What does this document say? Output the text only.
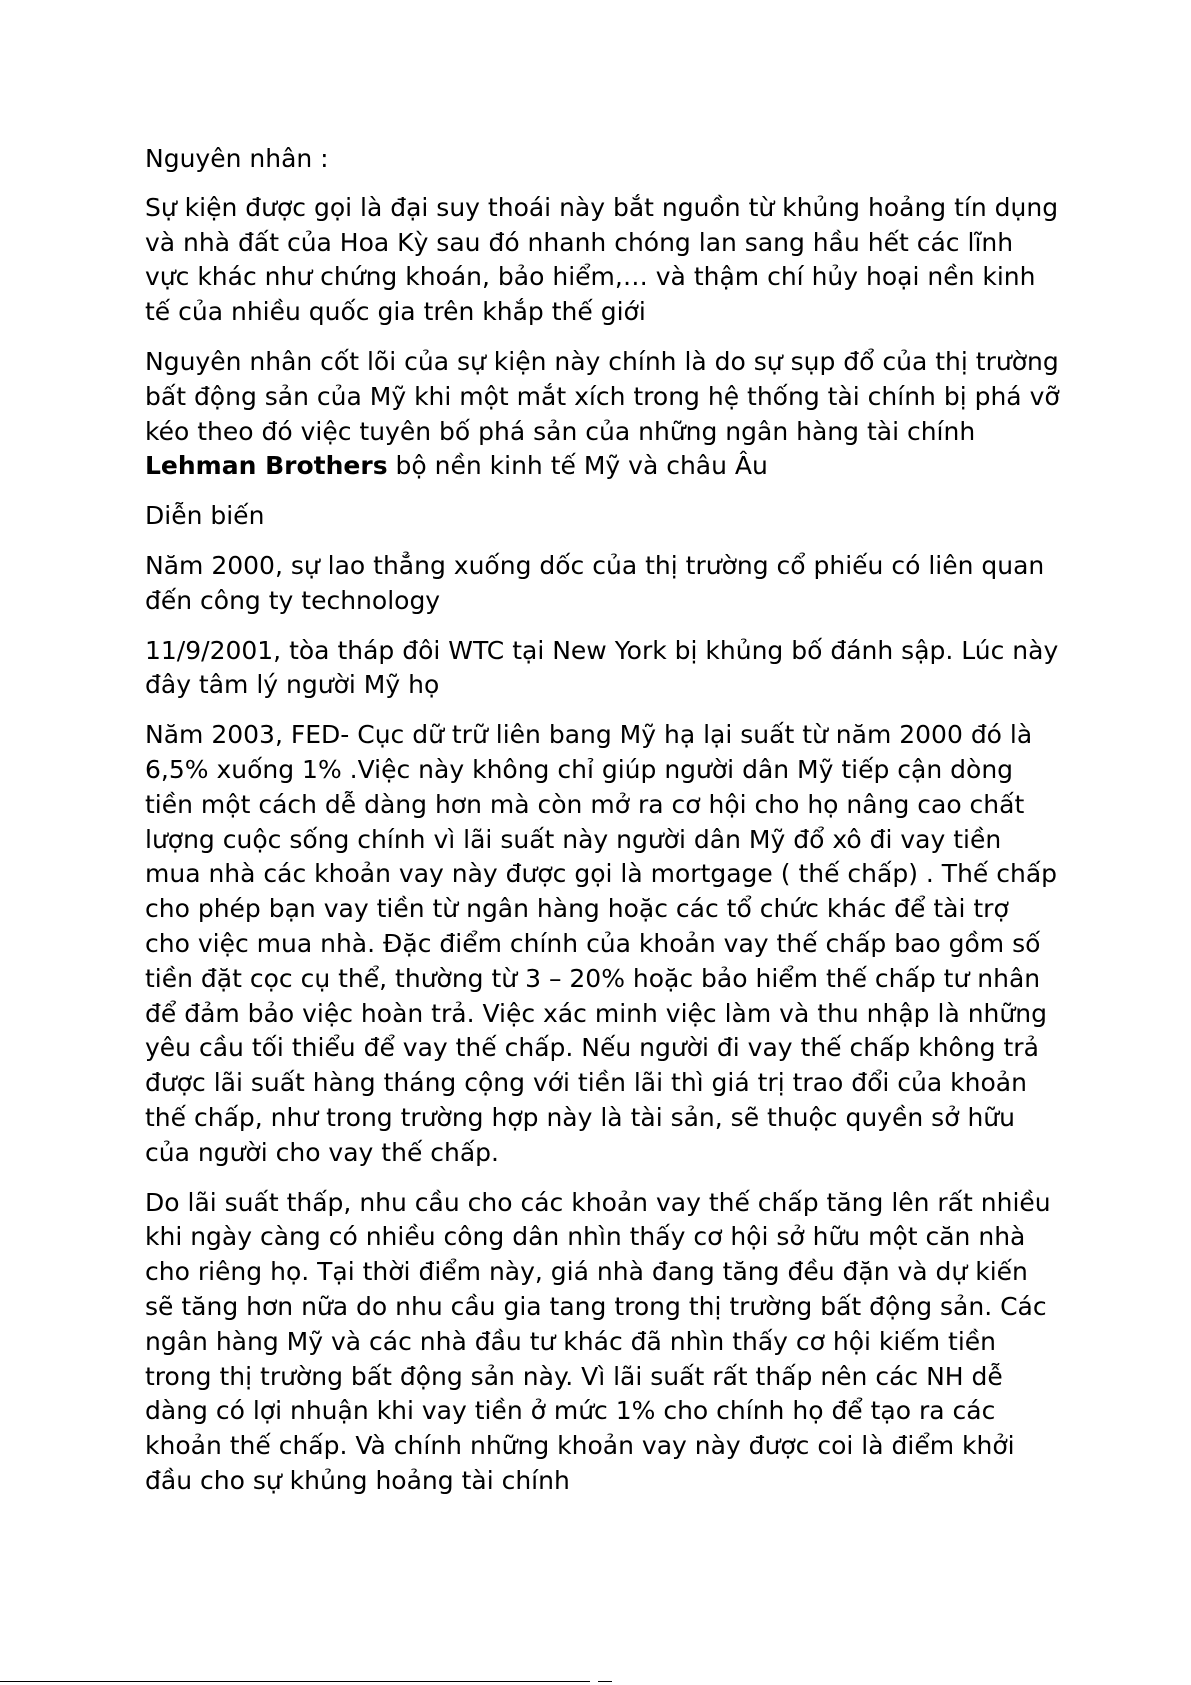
Nguyên nhân :

Sự kiện được gọi là đại suy thoái này bắt nguồn từ khủng hoảng tín dụng và nhà đất của Hoa Kỳ sau đó nhanh chóng lan sang hầu hết các lĩnh vực khác như chứng khoán, bảo hiểm,… và thậm chí hủy hoại nền kinh tế của nhiều quốc gia trên khắp thế giới

Nguyên nhân cốt lõi của sự kiện này chính là do sự sụp đổ của thị trường bất động sản của Mỹ khi một mắt xích trong hệ thống tài chính bị phá vỡ kéo theo đó việc tuyên bố phá sản của những ngân hàng tài chính Lehman Brothers bộ nền kinh tế Mỹ và châu Âu

Diễn biến

Năm 2000, sự lao thẳng xuống dốc của thị trường cổ phiếu có liên quan đến công ty technology

11/9/2001, tòa tháp đôi WTC tại New York bị khủng bố đánh sập. Lúc này đây tâm lý người Mỹ họ

Năm 2003, FED- Cục dữ trữ liên bang Mỹ hạ lại suất từ năm 2000 đó là 6,5% xuống 1% .Việc này không chỉ giúp người dân Mỹ tiếp cận dòng tiền một cách dễ dàng hơn mà còn mở ra cơ hội cho họ nâng cao chất lượng cuộc sống chính vì lãi suất này người dân Mỹ đổ xô đi vay tiền mua nhà các khoản vay này được gọi là mortgage ( thế chấp) . Thế chấp cho phép bạn vay tiền từ ngân hàng hoặc các tổ chức khác để tài trợ cho việc mua nhà. Đặc điểm chính của khoản vay thế chấp bao gồm số tiền đặt cọc cụ thể, thường từ 3 – 20% hoặc bảo hiểm thế chấp tư nhân để đảm bảo việc hoàn trả. Việc xác minh việc làm và thu nhập là những yêu cầu tối thiểu để vay thế chấp. Nếu người đi vay thế chấp không trả được lãi suất hàng tháng cộng với tiền lãi thì giá trị trao đổi của khoản thế chấp, như trong trường hợp này là tài sản, sẽ thuộc quyền sở hữu của người cho vay thế chấp.

Do lãi suất thấp, nhu cầu cho các khoản vay thế chấp tăng lên rất nhiều khi ngày càng có nhiều công dân nhìn thấy cơ hội sở hữu một căn nhà cho riêng họ. Tại thời điểm này, giá nhà đang tăng đều đặn và dự kiến sẽ tăng hơn nữa do nhu cầu gia tang trong thị trường bất động sản. Các ngân hàng Mỹ và các nhà đầu tư khác đã nhìn thấy cơ hội kiếm tiền trong thị trường bất động sản này. Vì lãi suất rất thấp nên các NH dễ dàng có lợi nhuận khi vay tiền ở mức 1% cho chính họ để tạo ra các khoản thế chấp. Và chính những khoản vay này được coi là điểm khởi đầu cho sự khủng hoảng tài chính
